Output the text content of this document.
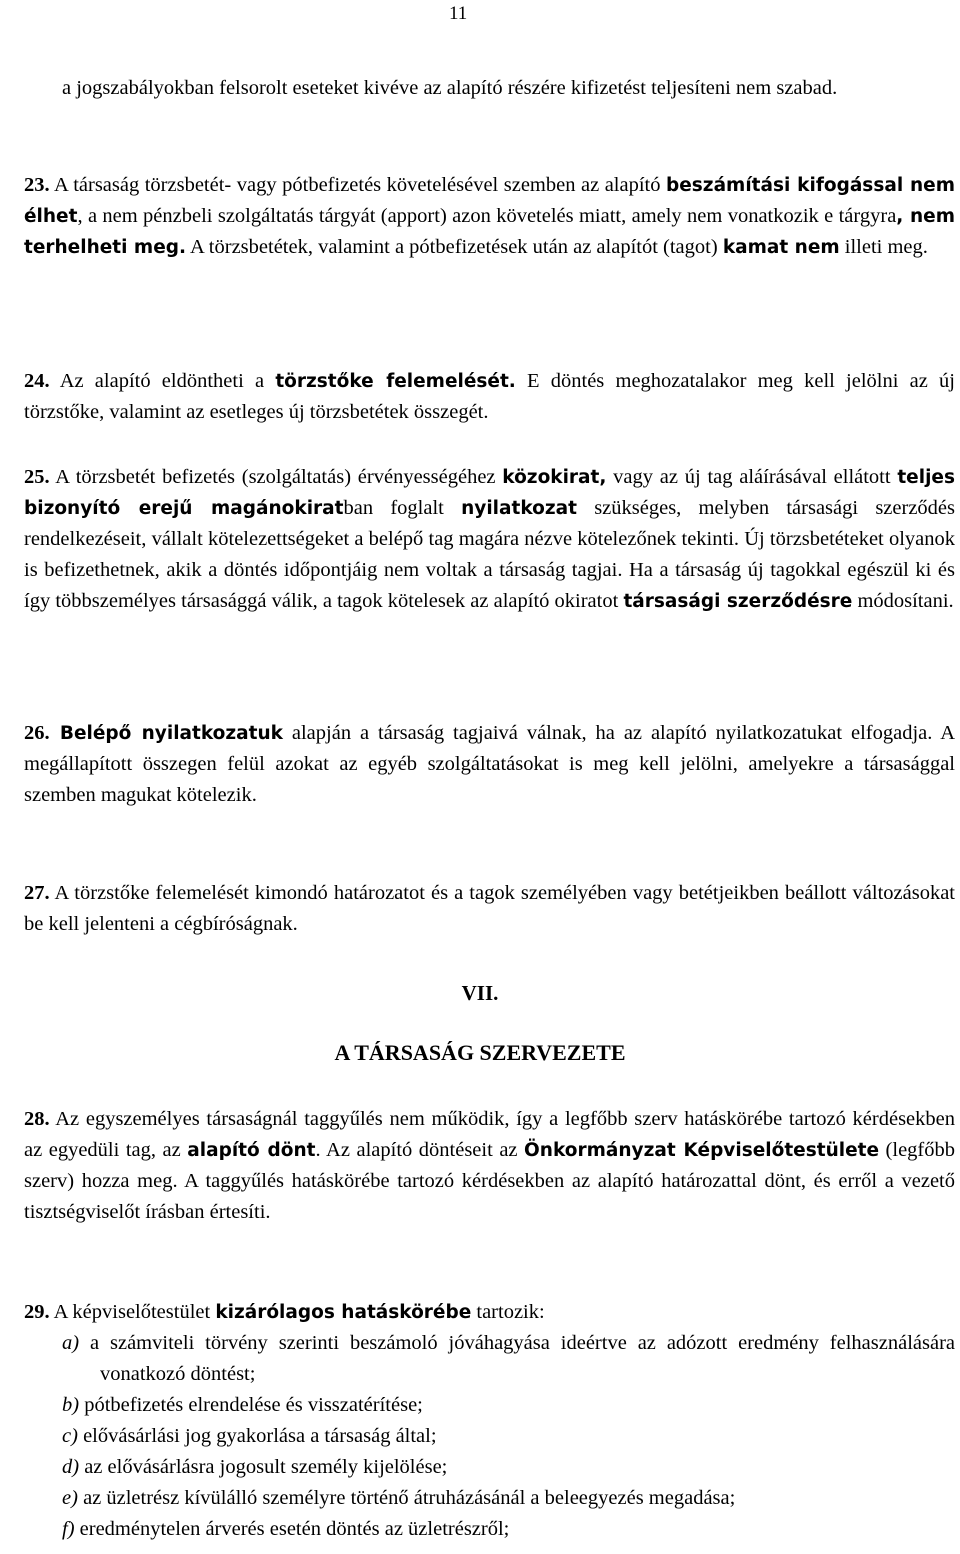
11

a jogszabályokban felsorolt eseteket kivéve az alapító részére kifizetést teljesíteni nem szabad.

23. A társaság törzsbetét- vagy pótbefizetés követelésével szemben az alapító beszámítási kifogással nem élhet, a nem pénzbeli szolgáltatás tárgyát (apport) azon követelés miatt, amely nem vonatkozik e tárgyra, nem terhelheti meg. A törzsbetétek, valamint a pótbefizetések után az alapítót (tagot) kamat nem illeti meg.

24. Az alapító eldöntheti a törzstőke felemelését. E döntés meghozatalakor meg kell jelölni az új törzstőke, valamint az esetleges új törzsbetétek összegét.

25. A törzsbetét befizetés (szolgáltatás) érvényességéhez közokirat, vagy az új tag aláírásával ellátott teljes bizonyító erejű magánokiratban foglalt nyilatkozat szükséges, melyben társasági szerződés rendelkezéseit, vállalt kötelezettségeket a belépő tag magára nézve kötelezőnek tekinti. Új törzsbetéteket olyanok is befizethetnek, akik a döntés időpontjáig nem voltak a társaság tagjai. Ha a társaság új tagokkal egészül ki és így többszemélyes társasággá válik, a tagok kötelesek az alapító okiratot társasági szerződésre módosítani.

26. Belépő nyilatkozatuk alapján a társaság tagjaivá válnak, ha az alapító nyilatkozatukat elfogadja. A megállapított összegen felül azokat az egyéb szolgáltatásokat is meg kell jelölni, amelyekre a társasággal szemben magukat kötelezik.

27. A törzstőke felemelését kimondó határozatot és a tagok személyében vagy betétjeikben beállott változásokat be kell jelenteni a cégbíróságnak.

VII.

A TÁRSASÁG SZERVEZETE

28. Az egyszemélyes társaságnál taggyűlés nem működik, így a legfőbb szerv hatáskörébe tartozó kérdésekben az egyedüli tag, az alapító dönt. Az alapító döntéseit az Önkormányzat Képviselőtestülete (legfőbb szerv) hozza meg. A taggyűlés hatáskörébe tartozó kérdésekben az alapító határozattal dönt, és erről a vezető tisztségviselőt írásban értesíti.

29. A képviselőtestület kizárólagos hatáskörébe tartozik:

a) a számviteli törvény szerinti beszámoló jóváhagyása ideértve az adózott eredmény felhasználására vonatkozó döntést;
b) pótbefizetés elrendelése és visszatérítése;
c) elővásárlási jog gyakorlása a társaság által;
d) az elővásárlásra jogosult személy kijelölése;
e) az üzletrész kívülálló személyre történő átruházásánál a beleegyezés megadása;
f) eredménytelen árverés esetén döntés az üzletrészről;
